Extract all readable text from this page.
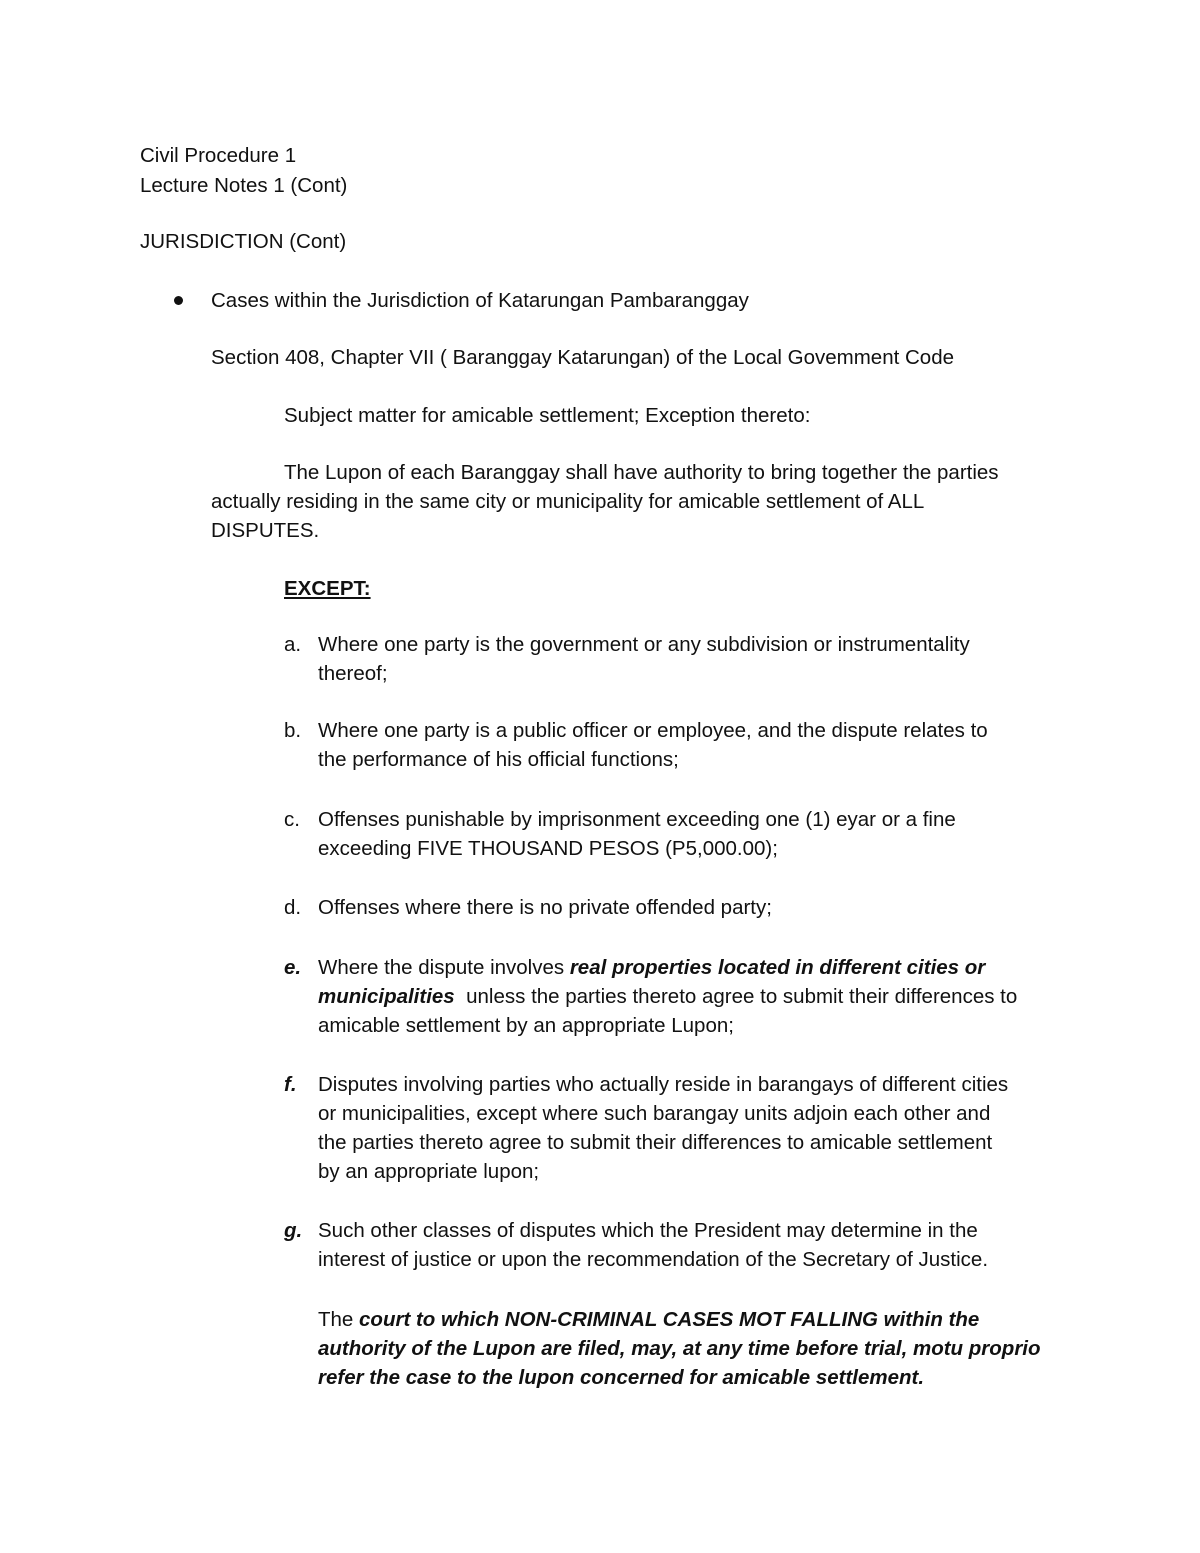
Civil Procedure 1
Lecture Notes 1 (Cont)
JURISDICTION (Cont)
Cases within the Jurisdiction of Katarungan Pambaranggay
Section 408, Chapter VII ( Baranggay Katarungan) of the Local Govemment Code
Subject matter for amicable settlement; Exception thereto:
The Lupon of each Baranggay shall have authority to bring together the parties
actually residing in the same city or municipality for amicable settlement of ALL
DISPUTES.
EXCEPT:
a. Where one party is the government or any subdivision or instrumentality
thereof;
b. Where one party is a public officer or employee, and the dispute relates to
the performance of his official functions;
c. Offenses punishable by imprisonment exceeding one (1) eyar or a fine
exceeding FIVE THOUSAND PESOS (P5,000.00);
d. Offenses where there is no private offended party;
e. Where the dispute involves real properties located in different cities or
municipalities  unless the parties thereto agree to submit their differences to
amicable settlement by an appropriate Lupon;
f. Disputes involving parties who actually reside in barangays of different cities
or municipalities, except where such barangay units adjoin each other and
the parties thereto agree to submit their differences to amicable settlement
by an appropriate lupon;
g. Such other classes of disputes which the President may determine in the
interest of justice or upon the recommendation of the Secretary of Justice.
The court to which NON-CRIMINAL CASES MOT FALLING within the
authority of the Lupon are filed, may, at any time before trial, motu proprio
refer the case to the lupon concerned for amicable settlement.
